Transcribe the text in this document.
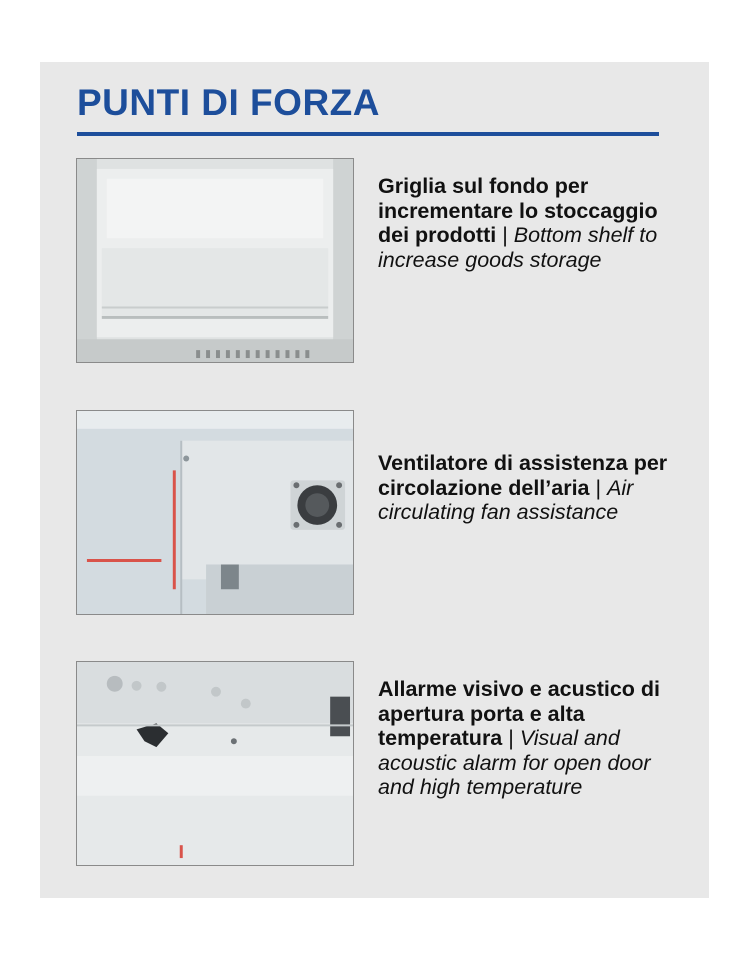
PUNTI DI FORZA
Griglia sul fondo per incrementare lo stoccaggio dei prodotti | Bottom shelf to increase goods storage
Ventilatore di assistenza per circolazione dell’aria | Air circulating fan assistance
Allarme visivo e acustico di apertura porta e alta temperatura | Visual and acoustic alarm for open door and high temperature
